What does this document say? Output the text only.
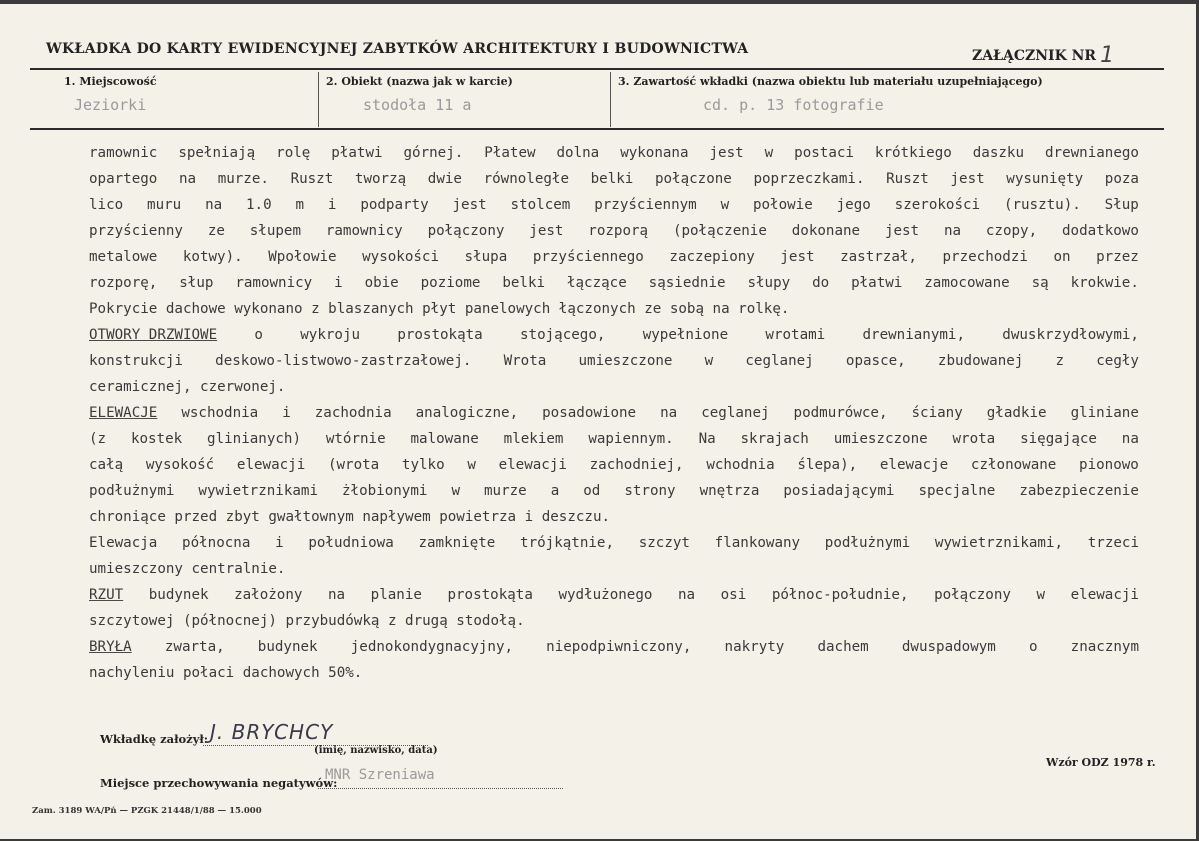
WKŁADKA DO KARTY EWIDENCYJNEJ ZABYTKÓW ARCHITEKTURY I BUDOWNICTWA	ZAŁĄCZNIK NR 1
1. Miejscowość
Jeziorki
2. Obiekt (nazwa jak w karcie)
stodoła 11 a
3. Zawartość wkładki (nazwa obiektu lub materiału uzupełniającego)
cd. p. 13 fotografie
ramownic spełniają rolę płatwi górnej. Płatew dolna wykonana jest w postaci krótkiego daszku drewnianego
opartego na murze. Ruszt tworzą dwie równoległe belki połączone poprzeczkami. Ruszt jest wysunięty poza
lico muru na 1.0 m i podparty jest stolcem przyściennym w połowie jego szerokości (rusztu). Słup
przyścienny ze słupem ramownicy połączony jest rozporą (połączenie dokonane jest na czopy, dodatkowo
metalowe kotwy). Wpołowie wysokości słupa przyściennego zaczepiony jest zastrzał, przechodzi on przez
rozporę, słup ramownicy i obie poziome belki łączące sąsiednie słupy do płatwi zamocowane są krokwie.
Pokrycie dachowe wykonano z blaszanych płyt panelowych łączonych ze sobą na rolkę.
OTWORY DRZWIOWE	o	wykroju	prostokąta	stojącego,	wypełnione	wrotami	drewnianymi,	dwuskrzydłowymi,
konstrukcji deskowo-listwowo-zastrzałowej. Wrota umieszczone w ceglanej opasce, zbudowanej z cegły
ceramicznej, czerwonej.
ELEWACJE wschodnia i zachodnia analogiczne, posadowione na ceglanej podmurówce, ściany gładkie gliniane
(z kostek glinianych) wtórnie malowane mlekiem wapiennym. Na skrajach umieszczone wrota sięgające na
całą wysokość elewacji (wrota tylko w elewacji zachodniej, wchodnia ślepa), elewacje członowane pionowo
podłużnymi wywietrznikami żłobionymi w murze a od strony wnętrza posiadającymi specjalne zabezpieczenie
chroniące przed zbyt gwałtownym napływem powietrza i deszczu.
Elewacja północna i południowa zamknięte trójkątnie, szczyt flankowany podłużnymi wywietrznikami, trzeci
umieszczony centralnie.
RZUT budynek założony na planie prostokąta wydłużonego na osi północ-południe, połączony w elewacji
szczytowej (północnej) przybudówką z drugą stodołą.
BRYŁA zwarta, budynek jednokondygnacyjny, niepodpiwniczony, nakryty dachem dwuspadowym o znacznym
nachyleniu połaci dachowych 50%.
Wkładkę założył: J. BRYCHCY
(imię, nazwisko, data)
Miejsce przechowywania negatywów:
MNR Szreniawa
Wzór ODZ 1978 r.
Zam. 3189 WA/Pń — PZGK 21448/1/88 — 15.000
